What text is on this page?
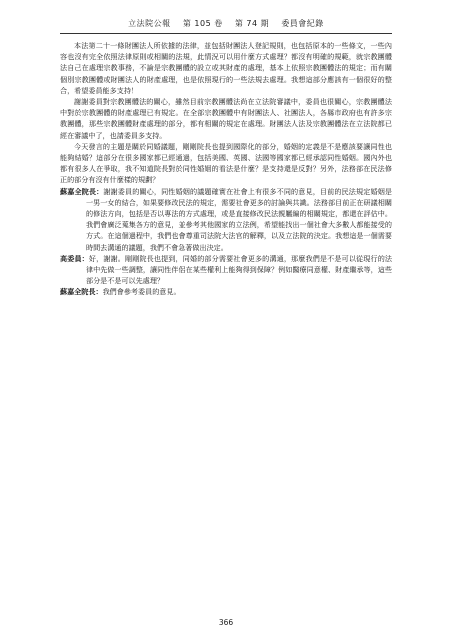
立法院公報 第 105 卷 第 74 期 委員會紀錄

本法第二十一條財團法人所依據的法律，並包括財團法人登記規則，也包括原本的一些條文，一些內容也沒有完全依照法律原則或相關的法規，此情況可以用什麼方式處理？都沒有明確的規範，就宗教團體法自己在處理宗教事務，不論是宗教團體的設立或其財產的處理，基本上依照宗教團體法的規定；而有關個別宗教團體或財團法人的財產處理，也是依照現行的一些法規去處理。我想這部分應該有一個很好的整合，希望委員能多支持！

謝謝委員對宗教團體法的關心，雖然目前宗教團體法尚在立法院審議中，委員也很關心，宗教團體法中對於宗教團體的財產處理已有規定。在全部宗教團體中有財團法人、社團法人，各縣市政府也有許多宗教團體，那些宗教團體財產處理的部分，都有相關的規定在處理。財團法人法及宗教團體法在立法院都已經在審議中了，也請委員多支持。

今天發言的主題是關於同婚議題，剛剛院長也提到國際化的部分，婚姻的定義是不是應該要讓同性也能夠結婚？這部分在很多國家都已經通過，包括美國、英國、法國等國家都已經承認同性婚姻。國內外也都有很多人在爭取，我不知道院長對於同性婚姻的看法是什麼？是支持還是反對？另外，法務部在民法修正的部分有沒有什麼樣的規劃？

蘇嘉全院長：謝謝委員的關心，同性婚姻的議題確實在社會上有很多不同的意見，目前的民法規定婚姻是一男一女的結合，如果要修改民法的規定，需要社會更多的討論與共識。法務部目前正在研議相關的修法方向，包括是否以專法的方式處理，或是直接修改民法親屬編的相關規定，都還在評估中。我們會廣泛蒐集各方的意見，並參考其他國家的立法例，希望能找出一個社會大多數人都能接受的方式。在這個過程中，我們也會尊重司法院大法官的解釋，以及立法院的決定。我想這是一個需要時間去溝通的議題，我們不會急著做出決定。

高委員：好，謝謝。剛剛院長也提到，同婚的部分需要社會更多的溝通，那麼我們是不是可以從現行的法律中先做一些調整，讓同性伴侶在某些權利上能夠得到保障？例如醫療同意權、財產繼承等，這些部分是不是可以先處理？

蘇嘉全院長：我們會參考委員的意見。

366
